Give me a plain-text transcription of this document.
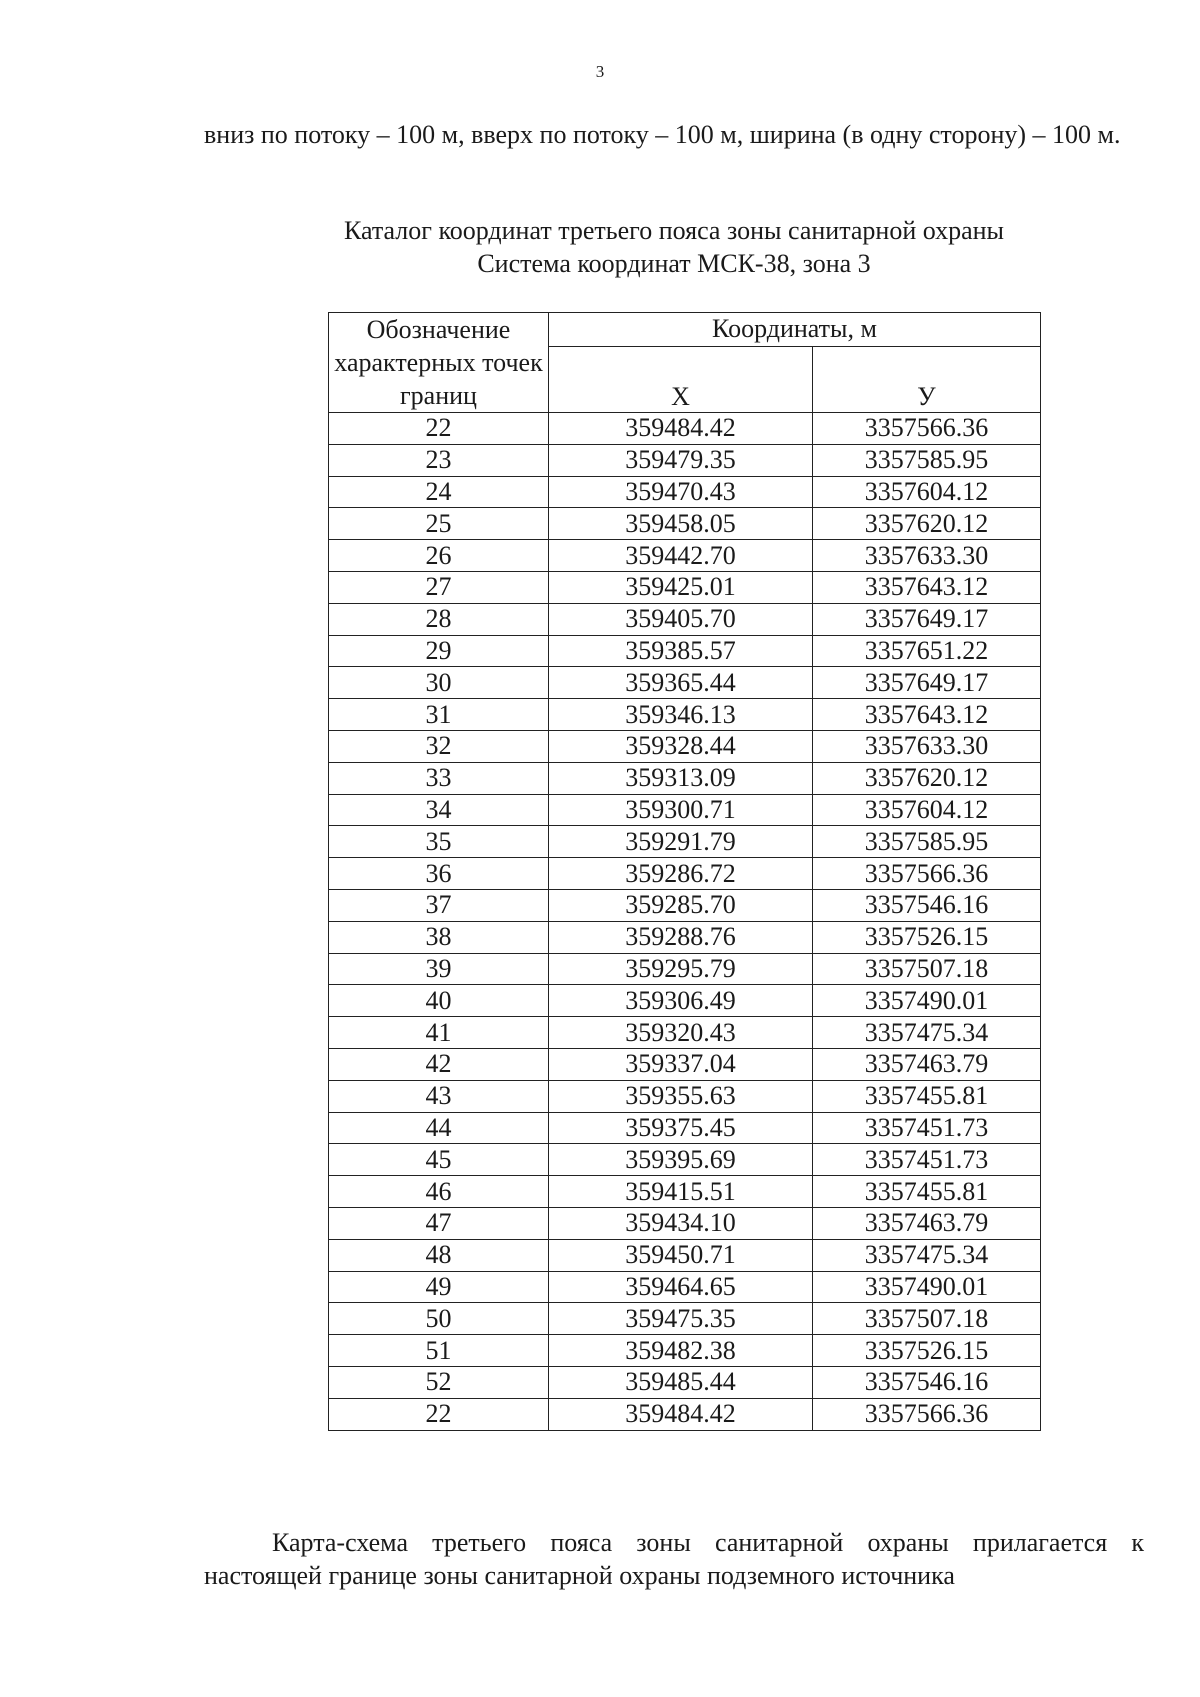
3
вниз по потоку – 100 м, вверх по потоку – 100 м, ширина (в одну сторону) – 100 м.
Каталог координат третьего пояса зоны санитарной охраны
Система координат МСК-38, зона 3
Обозначение характерных точек границ	Координаты, м	
	X	У
22	359484.42	3357566.36
23	359479.35	3357585.95
24	359470.43	3357604.12
25	359458.05	3357620.12
26	359442.70	3357633.30
27	359425.01	3357643.12
28	359405.70	3357649.17
29	359385.57	3357651.22
30	359365.44	3357649.17
31	359346.13	3357643.12
32	359328.44	3357633.30
33	359313.09	3357620.12
34	359300.71	3357604.12
35	359291.79	3357585.95
36	359286.72	3357566.36
37	359285.70	3357546.16
38	359288.76	3357526.15
39	359295.79	3357507.18
40	359306.49	3357490.01
41	359320.43	3357475.34
42	359337.04	3357463.79
43	359355.63	3357455.81
44	359375.45	3357451.73
45	359395.69	3357451.73
46	359415.51	3357455.81
47	359434.10	3357463.79
48	359450.71	3357475.34
49	359464.65	3357490.01
50	359475.35	3357507.18
51	359482.38	3357526.15
52	359485.44	3357546.16
22	359484.42	3357566.36
Карта-схема третьего пояса зоны санитарной охраны прилагается к настоящей границе зоны санитарной охраны подземного источника
